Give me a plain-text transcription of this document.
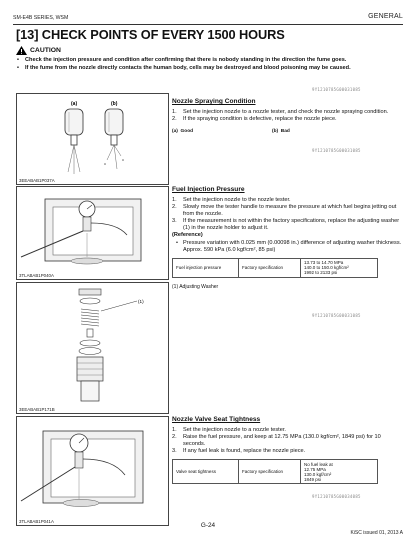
SM-E4B SERIES, WSM	GENERAL
[13] CHECK POINTS OF EVERY 1500 HOURS
CAUTION
• Check the injection pressure and condition after confirming that there is nobody standing in the direction the fume goes.
• If the fume from the nozzle directly contacts the human body, cells may be destroyed and blood poisoning may be caused.
9Y1210785G00031085
(a)	(b)
3EEABAB1P037A
Nozzle Spraying Condition
1. Set the injection nozzle to a nozzle tester, and check the nozzle spraying condition.
2. If the spraying condition is defective, replace the nozzle piece.
(a) Good	(b) Bad
9Y1210785G00031085
3TLABAB1P040A
(1)
3EEABAB1P171B
Fuel Injection Pressure
1. Set the injection nozzle to the nozzle tester.
2. Slowly move the tester handle to measure the pressure at which fuel begins jetting out from the nozzle.
3. If the measurement is not within the factory specifications, replace the adjusting washer (1) in the nozzle holder to adjust it.
(Reference)
• Pressure variation with 0.025 mm (0.00098 in.) difference of adjusting washer thickness.
Approx. 590 kPa (6.0 kgf/cm², 85 psi)
Fuel injection pressure	Factory specification	
13.73 to 14.70 MPa
140.0 to 150.0 kgf/cm²
1992 to 2133 psi
(1) Adjusting Washer
9Y1210785G00031085
3TLABAB1P041A
Nozzle Valve Seat Tightness
1. Set the injection nozzle to a nozzle tester.
2. Raise the fuel pressure, and keep at 12.75 MPa (130.0 kgf/cm², 1849 psi) for 10 seconds.
3. If any fuel leak is found, replace the nozzle piece.
Valve seat tightness	Factory specification	
No fuel leak at
12.75 MPa
130.0 kgf/cm²
1849 psi
9Y1210785G00034085
G-24
KiSC issued 01, 2013 A
